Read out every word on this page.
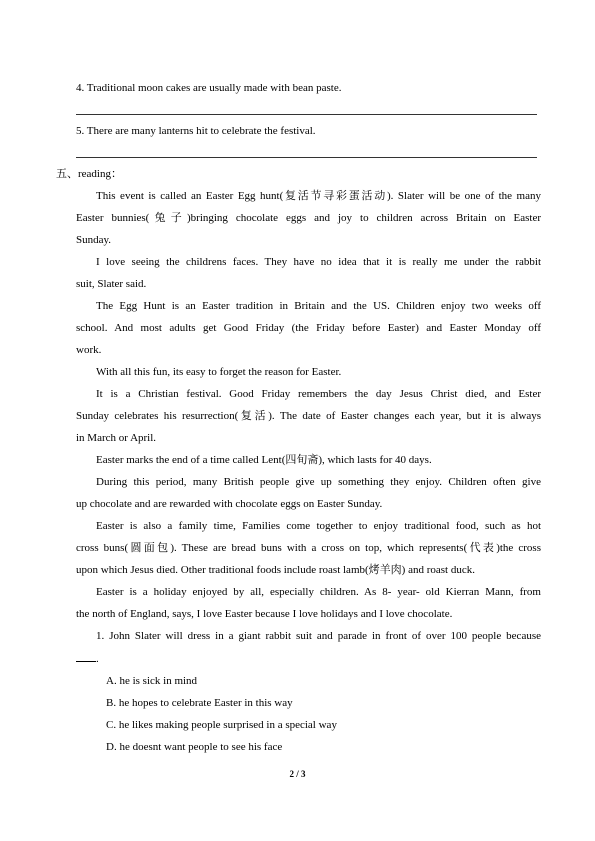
4. Traditional moon cakes are usually made with bean paste.
5. There are many lanterns hit to celebrate the festival.
五、reading：
This event is called an Easter Egg hunt(复活节寻彩蛋活动). Slater will be one of the many
Easter bunnies(兔子)bringing chocolate eggs and joy to children across Britain on Easter
Sunday.
I love seeing the childrens faces. They have no idea that it is really me under the rabbit
suit, Slater said.
The Egg Hunt is an Easter tradition in Britain and the US. Children enjoy two weeks off
school. And most adults get Good Friday (the Friday before Easter) and Easter Monday off
work.
With all this fun, its easy to forget the reason for Easter.
It is a Christian festival. Good Friday remembers the day Jesus Christ died, and Ester
Sunday celebrates his resurrection(复活). The date of Easter changes each year, but it is always
in March or April.
Easter marks the end of a time called Lent(四旬斋), which lasts for 40 days.
During this period, many British people give up something they enjoy. Children often give
up chocolate and are rewarded with chocolate eggs on Easter Sunday.
Easter is also a family time, Families come together to enjoy traditional food, such as hot
cross buns(圆面包). These are bread buns with a cross on top, which represents(代表)the cross
upon which Jesus died. Other traditional foods include roast lamb(烤羊肉) and roast duck.
Easter is a holiday enjoyed by all, especially children. As 8- year- old Kierran Mann, from
the north of England, says, I love Easter because I love holidays and I love chocolate.
1. John Slater will dress in a giant rabbit suit and parade in front of over 100 people because
.
A. he is sick in mind
B. he hopes to celebrate Easter in this way
C. he likes making people surprised in a special way
D. he doesnt want people to see his face
2 / 3
